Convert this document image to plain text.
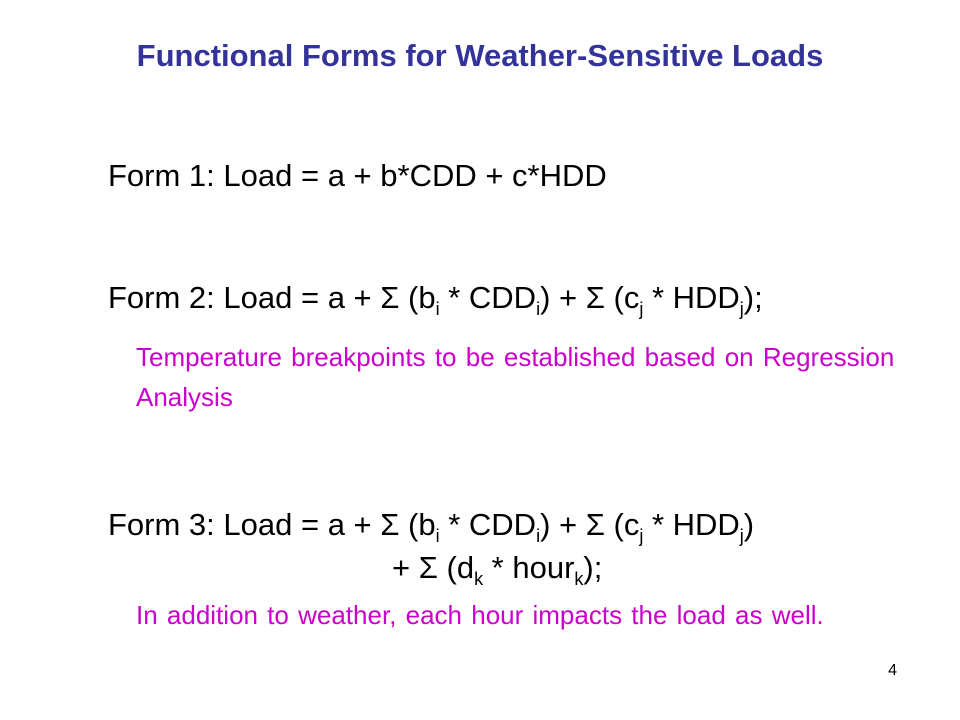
Functional Forms for Weather-Sensitive Loads
Form 1: Load = a + b*CDD + c*HDD
Form 2: Load = a + Σ $(b_i * CDD_i) + \Sigma$ $(c_j * HDD_j)$;
Temperature breakpoints to be established based on Regression Analysis
Form 3: Load = a + Σ $(b_i * CDD_i) + \Sigma$ $(c_j * HDD_j)$
+ Σ ($d_k$ * hour$_k$);
In addition to weather, each hour impacts the load as well.
4
